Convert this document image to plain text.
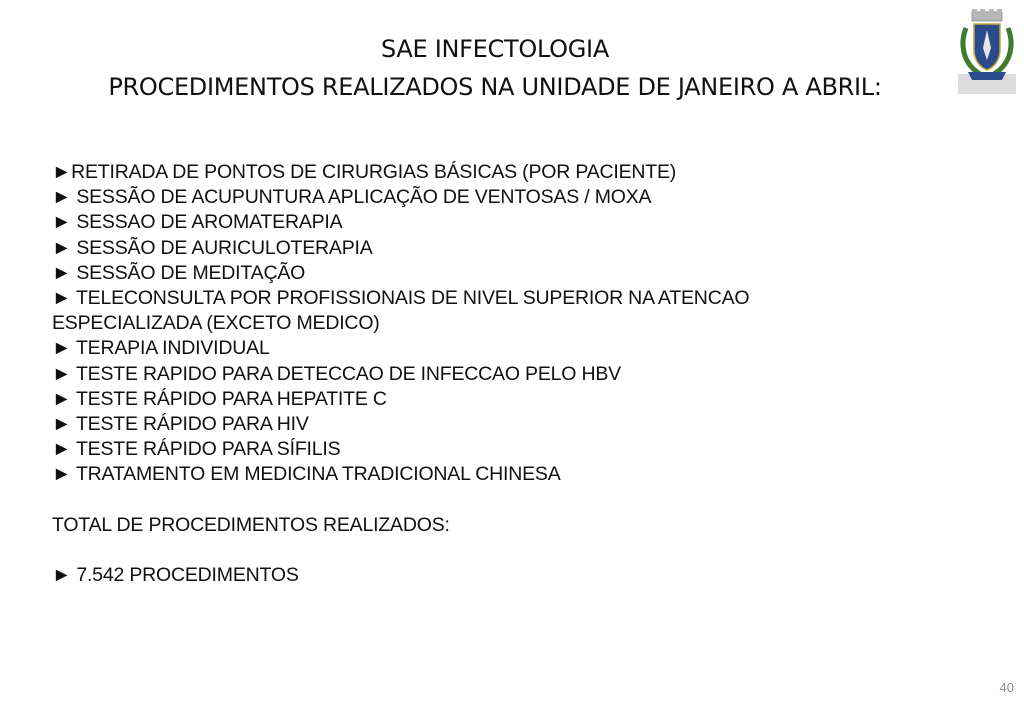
SAE INFECTOLOGIA
PROCEDIMENTOS REALIZADOS NA UNIDADE DE JANEIRO A ABRIL:

►RETIRADA DE PONTOS DE CIRURGIAS BÁSICAS (POR PACIENTE)

► SESSÃO DE ACUPUNTURA APLICAÇÃO DE VENTOSAS / MOXA

► SESSAO DE AROMATERAPIA

► SESSÃO DE AURICULOTERAPIA

► SESSÃO DE MEDITAÇÃO

► TELECONSULTA POR PROFISSIONAIS DE NIVEL SUPERIOR NA ATENCAO ESPECIALIZADA (EXCETO MEDICO)

► TERAPIA INDIVIDUAL

► TESTE RAPIDO PARA DETECCAO DE INFECCAO PELO HBV

► TESTE RÁPIDO PARA HEPATITE C

► TESTE RÁPIDO PARA HIV

► TESTE RÁPIDO PARA SÍFILIS

► TRATAMENTO EM MEDICINA TRADICIONAL CHINESA

TOTAL DE PROCEDIMENTOS REALIZADOS:

► 7.542 PROCEDIMENTOS

40
